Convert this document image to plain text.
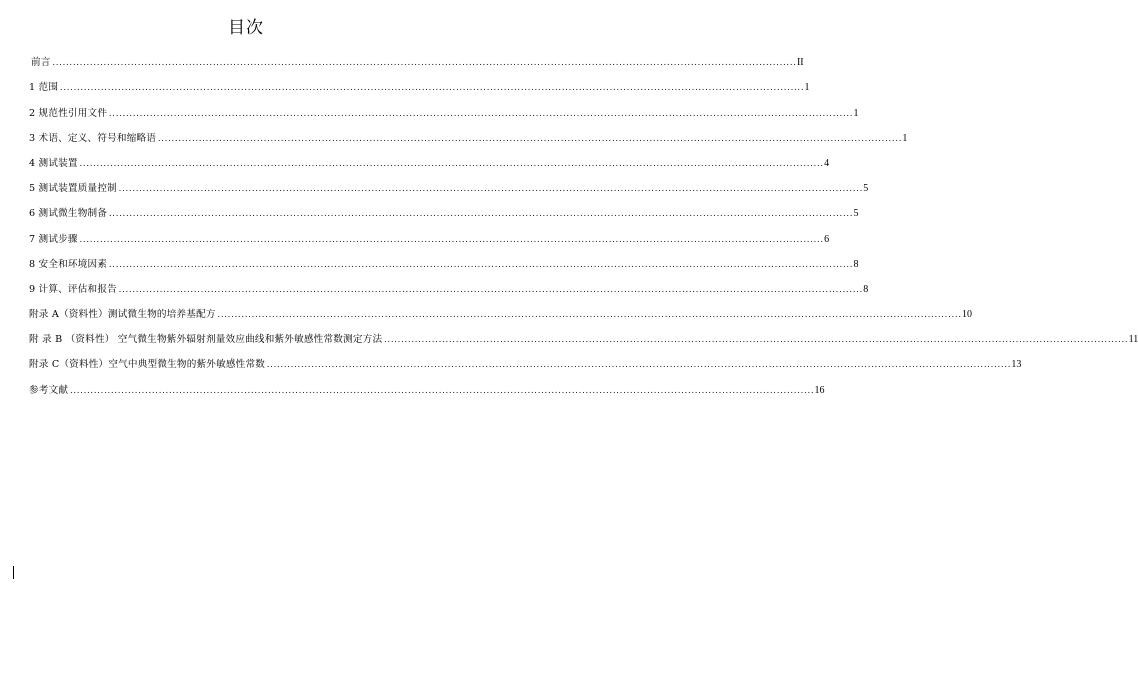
目次
前言 .......................................................................................................................................................................................................................... II
1 范围 .......................................................................................................................................................................................................................... 1
2 规范性引用文件 .......................................................................................................................................................................................................................... 1
3 术语、定义、符号和缩略语 .......................................................................................................................................................................................................................... 1
4 测试装置 .......................................................................................................................................................................................................................... 4
5 测试装置质量控制 .......................................................................................................................................................................................................................... 5
6 测试微生物制备 .......................................................................................................................................................................................................................... 5
7 测试步骤 .......................................................................................................................................................................................................................... 6
8 安全和环境因素 .......................................................................................................................................................................................................................... 8
9 计算、评估和报告 .......................................................................................................................................................................................................................... 8
附录 A（资料性）测试微生物的培养基配方 .......................................................................................................................................................................................................................... 10
附 录 B （资料性） 空气微生物紫外辐射剂量效应曲线和紫外敏感性常数测定方法 .......................................................................................................................................................................................................................... 11
附录 C（资料性）空气中典型微生物的紫外敏感性常数 .......................................................................................................................................................................................................................... 13
参考文献 .......................................................................................................................................................................................................................... 16
